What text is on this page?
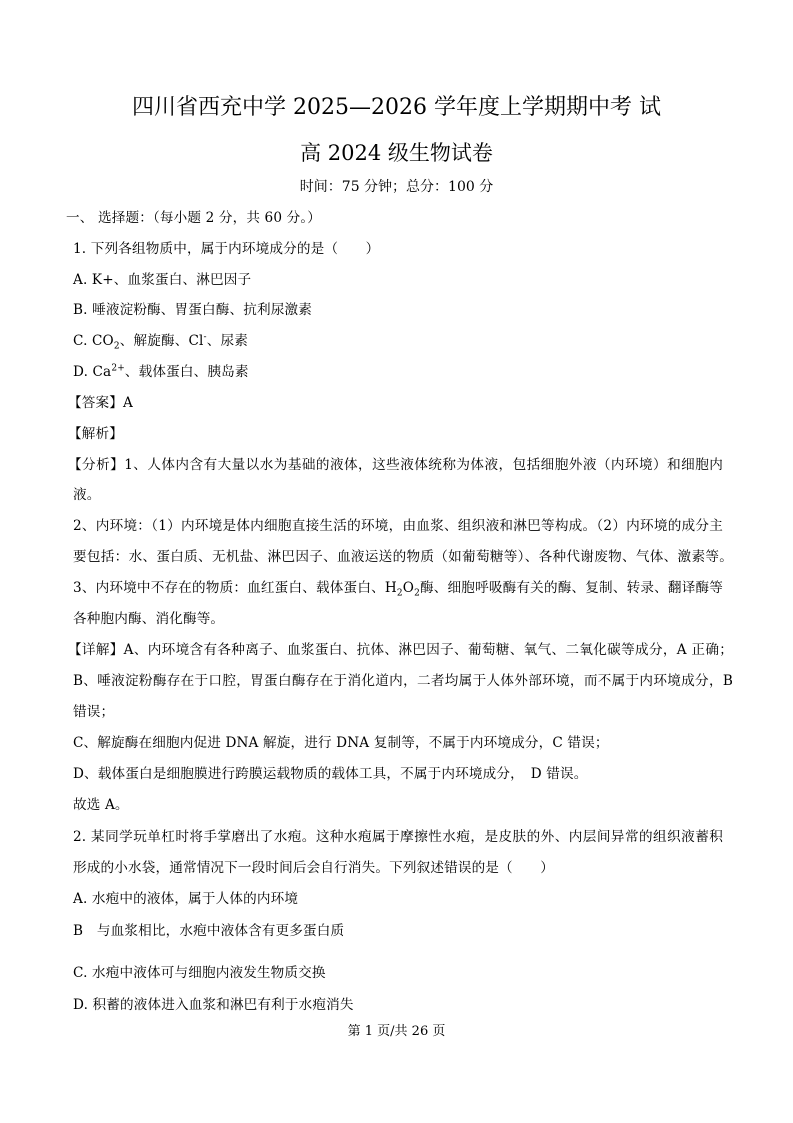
四川省西充中学 2025—2026 学年度上学期期中考 试
高 2024 级生物试卷
时间：75 分钟；总分：100 分
一、 选择题：（每小题 2 分，共 60 分。）
1. 下列各组物质中，属于内环境成分的是（　　）
A. K+、血浆蛋白、淋巴因子
B. 唾液淀粉酶、胃蛋白酶、抗利尿激素
C. $CO_2$、解旋酶、Cl-、尿素
D. $Ca^{2+}$、载体蛋白、胰岛素
【答案】A
【解析】
【分析】1、人体内含有大量以水为基础的液体，这些液体统称为体液，包括细胞外液（内环境）和细胞内
液。
2、内环境：（1）内环境是体内细胞直接生活的环境，由血浆、组织液和淋巴等构成。（2）内环境的成分主
要包括：水、蛋白质、无机盐、淋巴因子、血液运送的物质（如葡萄糖等）、各种代谢废物、气体、激素等。
3、内环境中不存在的物质：血红蛋白、载体蛋白、$H_2O_2$酶、细胞呼吸酶有关的酶、复制、转录、翻译酶等
各种胞内酶、消化酶等。
【详解】A、内环境含有各种离子、血浆蛋白、抗体、淋巴因子、葡萄糖、氧气、二氧化碳等成分，A 正确；
B、唾液淀粉酶存在于口腔，胃蛋白酶存在于消化道内，二者均属于人体外部环境，而不属于内环境成分，B
错误；
C、解旋酶在细胞内促进 DNA 解旋，进行 DNA 复制等，不属于内环境成分，C 错误；
D、载体蛋白是细胞膜进行跨膜运载物质的载体工具，不属于内环境成分，　D 错误。
故选 A。
2. 某同学玩单杠时将手掌磨出了水疱。这种水疱属于摩擦性水疱，是皮肤的外、内层间异常的组织液蓄积
形成的小水袋，通常情况下一段时间后会自行消失。下列叙述错误的是（　　）
A. 水疱中的液体，属于人体的内环境
B　与血浆相比，水疱中液体含有更多蛋白质
C. 水疱中液体可与细胞内液发生物质交换
D. 积蓄的液体进入血浆和淋巴有利于水疱消失
第 1 页/共 26 页
